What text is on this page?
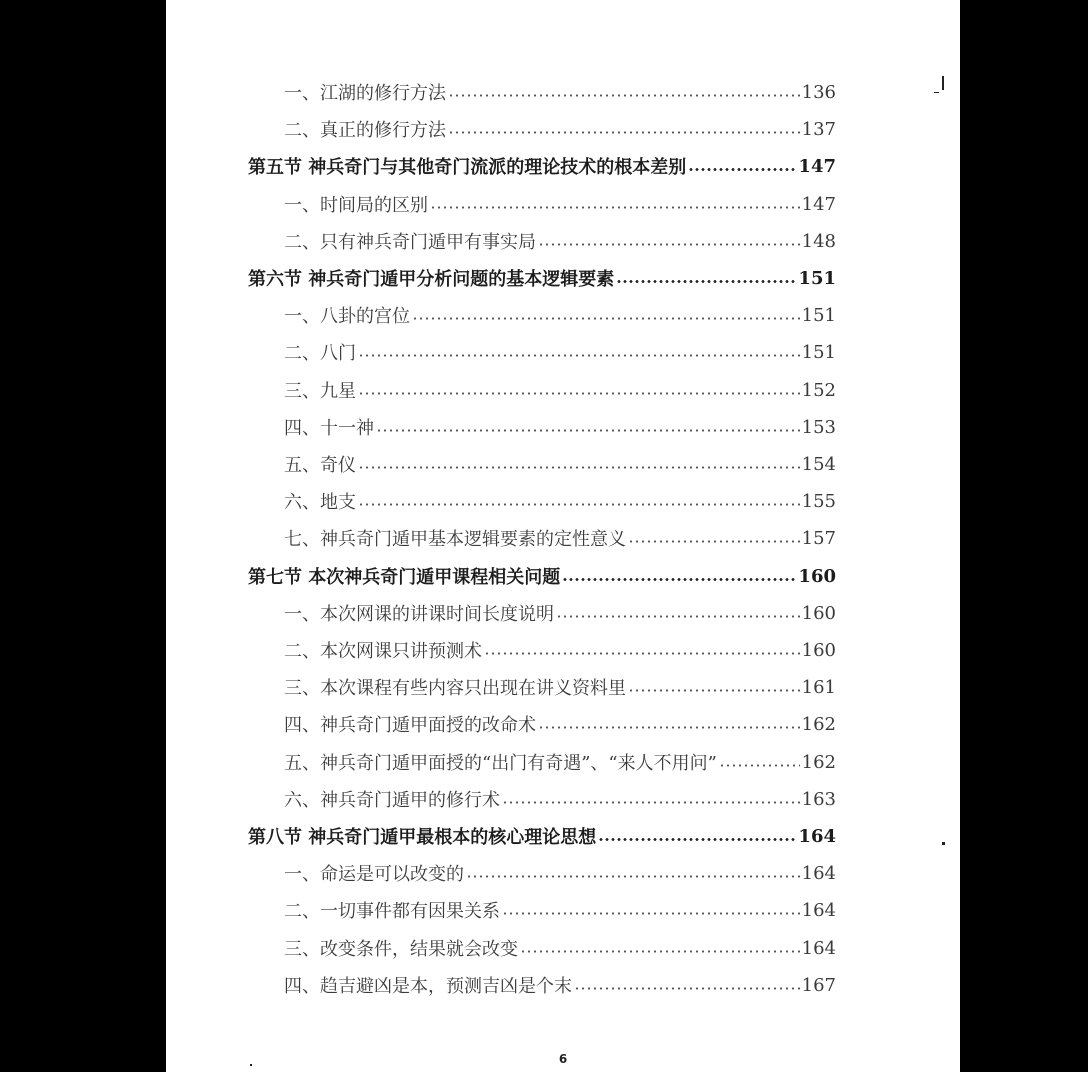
一、江湖的修行方法	136
二、真正的修行方法	137
第五节 神兵奇门与其他奇门流派的理论技术的根本差别	147
一、时间局的区别	147
二、只有神兵奇门遁甲有事实局	148
第六节 神兵奇门遁甲分析问题的基本逻辑要素	151
一、八卦的宫位	151
二、八门	151
三、九星	152
四、十一神	153
五、奇仪	154
六、地支	155
七、神兵奇门遁甲基本逻辑要素的定性意义	157
第七节 本次神兵奇门遁甲课程相关问题	160
一、本次网课的讲课时间长度说明	160
二、本次网课只讲预测术	160
三、本次课程有些内容只出现在讲义资料里	161
四、神兵奇门遁甲面授的改命术	162
五、神兵奇门遁甲面授的“出门有奇遇”、“来人不用问”	162
六、神兵奇门遁甲的修行术	163
第八节 神兵奇门遁甲最根本的核心理论思想	164
一、命运是可以改变的	164
二、一切事件都有因果关系	164
三、改变条件，结果就会改变	164
四、趋吉避凶是本，预测吉凶是个末	167
6
